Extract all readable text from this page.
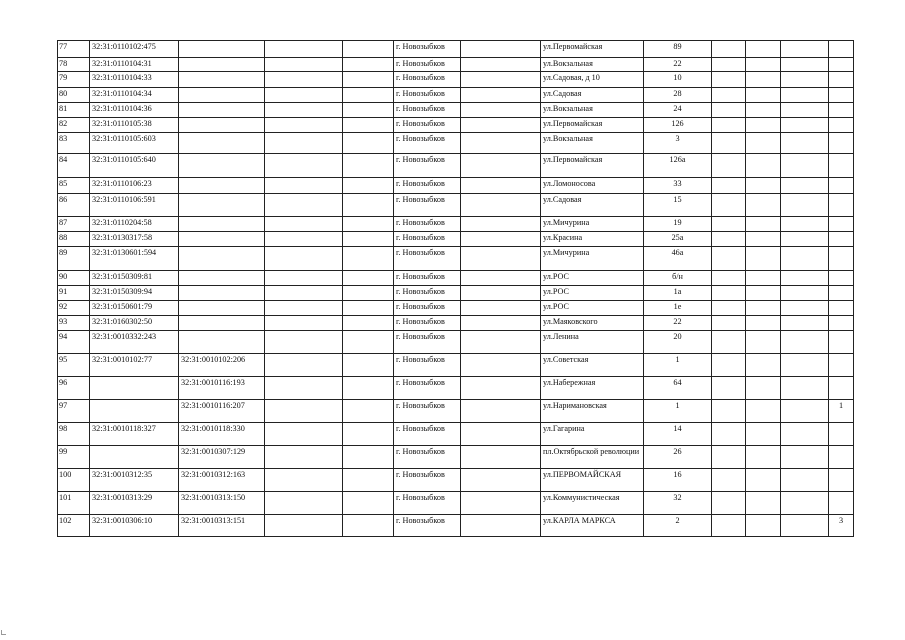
77	32:31:0110102:475				г. Новозыбков		ул.Первомайская	89				
78	32:31:0110104:31				г. Новозыбков		ул.Вокзальная	22				
79	32:31:0110104:33				г. Новозыбков		ул.Садовая, д 10	10				
80	32:31:0110104:34				г. Новозыбков		ул.Садовая	28				
81	32:31:0110104:36				г. Новозыбков		ул.Вокзальная	24				
82	32:31:0110105:38				г. Новозыбков		ул.Первомайская	126				
83	32:31:0110105:603				г. Новозыбков		ул.Вокзальная	3				
84	32:31:0110105:640				г. Новозыбков		ул.Первомайская	126а				
85	32:31:0110106:23				г. Новозыбков		ул.Ломоносова	33				
86	32:31:0110106:591				г. Новозыбков		ул.Садовая	15				
87	32:31:0110204:58				г. Новозыбков		ул.Мичурина	19				
88	32:31:0130317:58				г. Новозыбков		ул.Красина	25а				
89	32:31:0130601:594				г. Новозыбков		ул.Мичурина	46а				
90	32:31:0150309:81				г. Новозыбков		ул.РОС	б/н				
91	32:31:0150309:94				г. Новозыбков		ул.РОС	1а				
92	32:31:0150601:79				г. Новозыбков		ул.РОС	1е				
93	32:31:0160302:50				г. Новозыбков		ул.Маяковского	22				
94	32:31:0010332:243				г. Новозыбков		ул.Ленина	20				
95	32:31:0010102:77	32:31:0010102:206			г. Новозыбков		ул.Советская	1				
96		32:31:0010116:193			г. Новозыбков		ул.Набережная	64				
97		32:31:0010116:207			г. Новозыбков		ул.Наримановская	1				1
98	32:31:0010118:327	32:31:0010118:330			г. Новозыбков		ул.Гагарина	14				
99		32:31:0010307:129			г. Новозыбков		пл.Октябрьской революции	26				
100	32:31:0010312:35	32:31:0010312:163			г. Новозыбков		ул.ПЕРВОМАЙСКАЯ	16				
101	32:31:0010313:29	32:31:0010313:150			г. Новозыбков		ул.Коммунистическая	32				
102	32:31:0010306:10	32:31:0010313:151			г. Новозыбков		ул.КАРЛА МАРКСА	2				3
